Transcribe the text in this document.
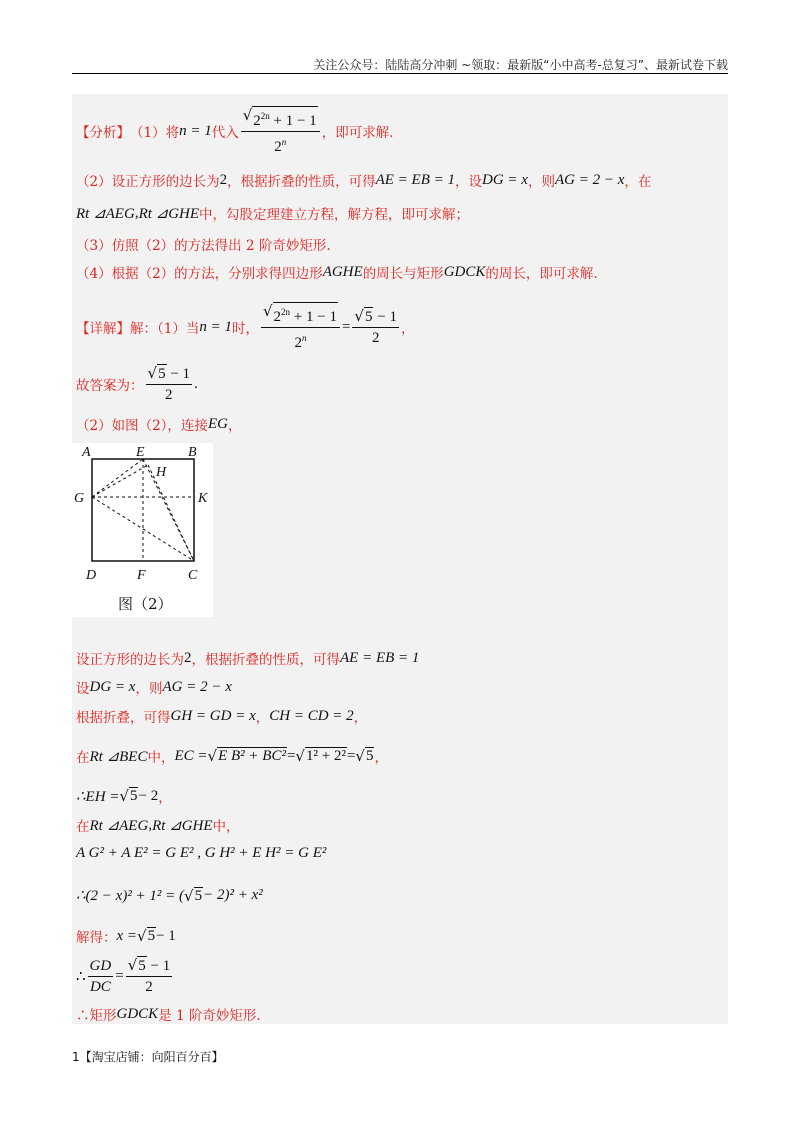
关注公众号：陆陆高分冲刺 ~领取：最新版“小中高考-总复习”、最新试卷下载
【分析】 （1）将 n = 1 代入 $\frac{√ 2^{2n} + 1 - 1}{2^n}$ ，即可求解.
（2）设正方形的边长为 2 ，根据折叠的性质，可得 AE = EB = 1 ，设 DG = x ，则 AG = 2 − x ，在
Rt ⊿AEG , Rt ⊿GHE 中，勾股定理建立方程，解方程，即可求解；
（3）仿照（2）的方法得出 2 阶奇妙矩形.
（4）根据（2）的方法，分别求得四边形 AGHE 的周长与矩形 GDCK 的周长，即可求解.
【详解】 解：（1）当 n = 1 时， $\frac{√ 2^{2n} + 1 - 1}{2^n} = \frac{√ 5 - 1}{2}$ ，
故答案为： $\frac{√ 5 - 1}{2}$ .
（2）如图（2），连接 EG ，
A	E	B
H
G	K
D	F	C
图（2）
设正方形的边长为 2 ，根据折叠的性质，可得 AE = EB = 1
设 DG = x ，则 AG = 2 − x
根据折叠，可得 GH = GD = x ， CH = CD = 2 ，
在 Rt ⊿BEC 中， EC = √ E B² + BC² = √ 1² + 2² = √ 5 ，
∴EH = √ 5 − 2 ，
在 Rt ⊿AEG , Rt ⊿GHE 中，
A G² + A E² = G E² , G H² + E H² = G E²
∴(2 − x)² + 1² = ( √ 5 − 2)² + x²
解得： x = √ 5 − 1
∴ $\frac{GD}{DC} = \frac{√ 5 - 1}{2}$
∴矩形 GDCK 是 1 阶奇妙矩形.
1【淘宝店铺：向阳百分百】
